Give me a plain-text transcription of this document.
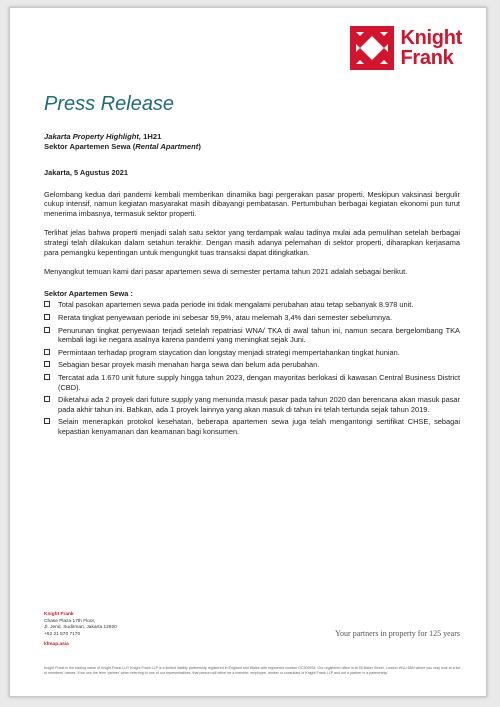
Knight
Frank
Press Release
Jakarta Property Highlight, 1H21
Sektor Apartemen Sewa (Rental Apartment)
Jakarta, 5 Agustus 2021

Gelombang kedua dari pandemi kembali memberikan dinamika bagi pergerakan pasar properti. Meskipun vaksinasi bergulir cukup intensif, namun kegiatan masyarakat masih dibayangi pembatasan. Pertumbuhan berbagai kegiatan ekonomi pun turut menerima imbasnya, termasuk sektor properti.

Terlihat jelas bahwa properti menjadi salah satu sektor yang terdampak walau tadinya mulai ada pemulihan setelah berbagai strategi telah dilakukan dalam setahun terakhir. Dengan masih adanya pelemahan di sektor properti, diharapkan kerjasama para pemangku kepentingan untuk mengungkit tuas transaksi dapat ditingkatkan.

Menyangkut temuan kami dari pasar apartemen sewa di semester pertama tahun 2021 adalah sebagai berikut.

Sektor Apartemen Sewa :
Total pasokan apartemen sewa pada periode ini tidak mengalami perubahan atau tetap sebanyak 8.978 unit.
Rerata tingkat penyewaan periode ini sebesar 59,9%, atau melemah 3,4% dari semester sebelumnya.
Penurunan tingkat penyewaan terjadi setelah repatriasi WNA/ TKA di awal tahun ini, namun secara bergelombang TKA kembali lagi ke negara asalnya karena pandemi yang meningkat sejak Juni.
Permintaan terhadap program staycation dan longstay menjadi strategi mempertahankan tingkat hunian.
Sebagian besar proyek masih menahan harga sewa dan belum ada perubahan.
Tercatat ada 1.670 unit future supply hingga tahun 2023, dengan mayoritas berlokasi di kawasan Central Business District (CBD).
Diketahui ada 2 proyek dari future supply yang menunda masuk pasar pada tahun 2020 dan berencana akan masuk pasar pada akhir tahun ini. Bahkan, ada 1 proyek lainnya yang akan masuk di tahun ini telah tertunda sejak tahun 2019.
Selain menerapkan protokol kesehatan, beberapa apartemen sewa juga telah mengantongi sertifikat CHSE, sebagai kepastian kenyamanan dan keamanan bagi konsumen.
Knight Frank
Chase Plaza 17th Floor,
Jl. Jend. Sudirman, Jakarta 12920
+62 21 570 7170
kfmap.asia
Your partners in property for 125 years
Knight Frank is the trading name of Knight Frank LLP. Knight Frank LLP is a limited liability partnership registered in England and Wales with registered number OC305934. Our registered office is at 55 Baker Street, London W1U 8AN where you may look at a list of members' names. If we use the term 'partner' when referring to one of our representatives, that person will either be a member, employee, worker or consultant of Knight Frank LLP and not a partner in a partnership.
